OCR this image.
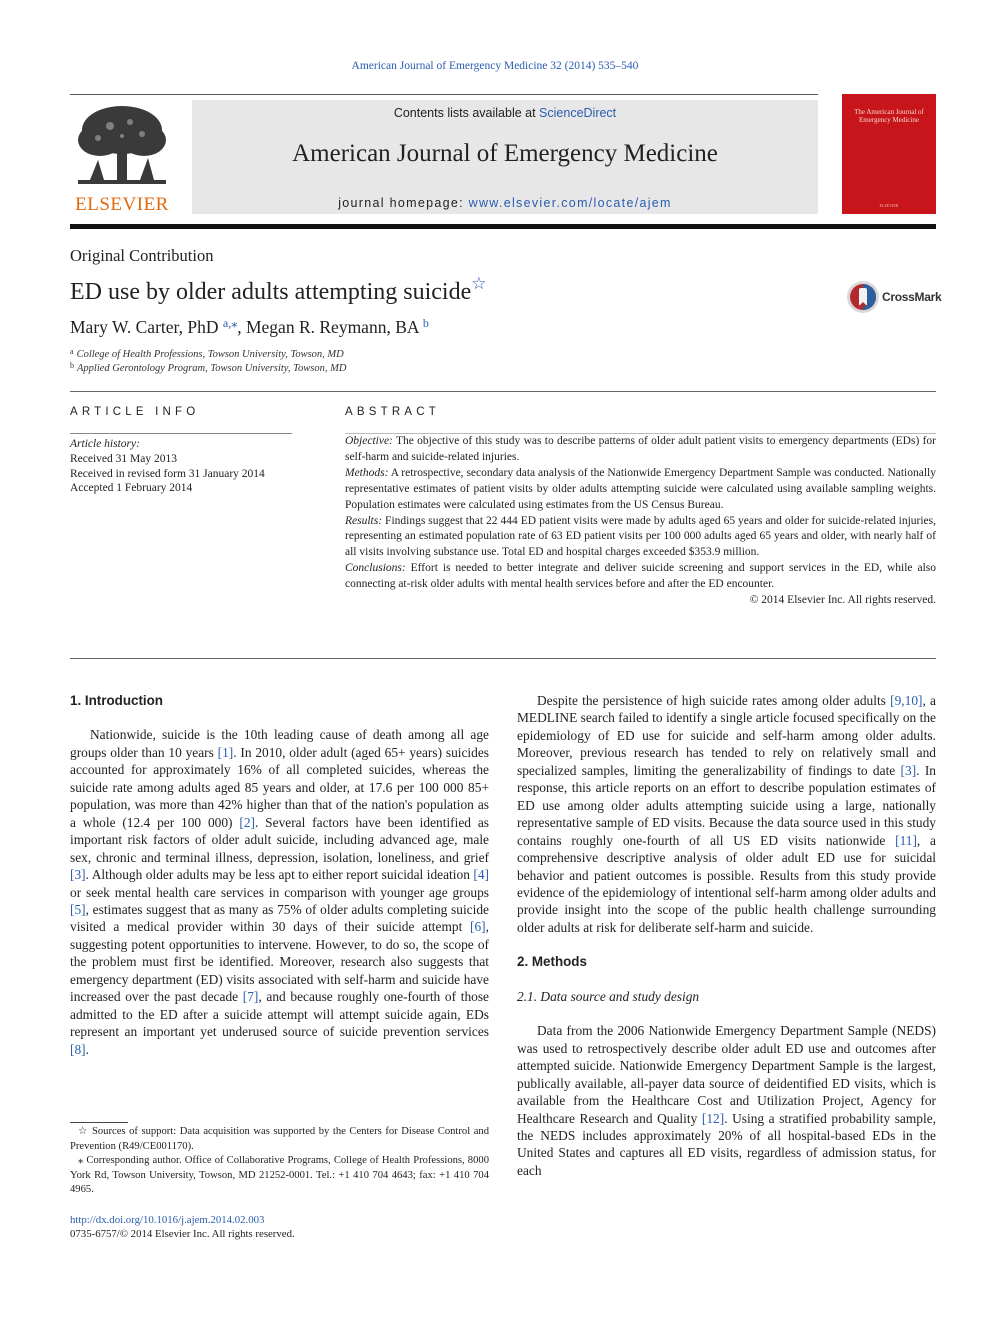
American Journal of Emergency Medicine 32 (2014) 535–540
ELSEVIER
Contents lists available at ScienceDirect
American Journal of Emergency Medicine
journal homepage: www.elsevier.com/locate/ajem
The American Journal of Emergency Medicine
ELSEVIER
Original Contribution
ED use by older adults attempting suicide☆
CrossMark
Mary W. Carter, PhD $^{a,⁎}$, Megan R. Reymann, BA $^b$
$^a$ College of Health Professions, Towson University, Towson, MD
$^b$ Applied Gerontology Program, Towson University, Towson, MD
ARTICLE INFO
Article history:
Received 31 May 2013
Received in revised form 31 January 2014
Accepted 1 February 2014
ABSTRACT
Objective: The objective of this study was to describe patterns of older adult patient visits to emergency departments (EDs) for self-harm and suicide-related injuries.
Methods: A retrospective, secondary data analysis of the Nationwide Emergency Department Sample was conducted. Nationally representative estimates of patient visits by older adults attempting suicide were calculated using available sampling weights. Population estimates were calculated using estimates from the US Census Bureau.
Results: Findings suggest that 22 444 ED patient visits were made by adults aged 65 years and older for suicide-related injuries, representing an estimated population rate of 63 ED patient visits per 100 000 adults aged 65 years and older, with nearly half of all visits involving substance use. Total ED and hospital charges exceeded $353.9 million.
Conclusions: Effort is needed to better integrate and deliver suicide screening and support services in the ED, while also connecting at-risk older adults with mental health services before and after the ED encounter.
© 2014 Elsevier Inc. All rights reserved.
1. Introduction

Nationwide, suicide is the 10th leading cause of death among all age groups older than 10 years [1]. In 2010, older adult (aged 65+ years) suicides accounted for approximately 16% of all completed suicides, whereas the suicide rate among adults aged 85 years and older, at 17.6 per 100 000 85+ population, was more than 42% higher than that of the nation's population as a whole (12.4 per 100 000) [2]. Several factors have been identified as important risk factors of older adult suicide, including advanced age, male sex, chronic and terminal illness, depression, isolation, loneliness, and grief [3]. Although older adults may be less apt to either report suicidal ideation [4] or seek mental health care services in comparison with younger age groups [5], estimates suggest that as many as 75% of older adults completing suicide visited a medical provider within 30 days of their suicide attempt [6], suggesting potent opportunities to intervene. However, to do so, the scope of the problem must first be identified. Moreover, research also suggests that emergency department (ED) visits associated with self-harm and suicide have increased over the past decade [7], and because roughly one-fourth of those admitted to the ED after a suicide attempt will attempt suicide again, EDs represent an important yet underused source of suicide prevention services [8].

☆ Sources of support: Data acquisition was supported by the Centers for Disease Control and Prevention (R49/CE001170).

⁎ Corresponding author. Office of Collaborative Programs, College of Health Professions, 8000 York Rd, Towson University, Towson, MD 21252-0001. Tel.: +1 410 704 4643; fax: +1 410 704 4965.

http://dx.doi.org/10.1016/j.ajem.2014.02.003
0735-6757/© 2014 Elsevier Inc. All rights reserved.

Despite the persistence of high suicide rates among older adults [9,10], a MEDLINE search failed to identify a single article focused specifically on the epidemiology of ED use for suicide and self-harm among older adults. Moreover, previous research has tended to rely on relatively small and specialized samples, limiting the generalizability of findings to date [3]. In response, this article reports on an effort to describe population estimates of ED use among older adults attempting suicide using a large, nationally representative sample of ED visits. Because the data source used in this study contains roughly one-fourth of all US ED visits nationwide [11], a comprehensive descriptive analysis of older adult ED use for suicidal behavior and patient outcomes is possible. Results from this study provide evidence of the epidemiology of intentional self-harm among older adults and provide insight into the scope of the public health challenge surrounding older adults at risk for deliberate self-harm and suicide.

2. Methods
2.1. Data source and study design

Data from the 2006 Nationwide Emergency Department Sample (NEDS) was used to retrospectively describe older adult ED use and outcomes after attempted suicide. Nationwide Emergency Department Sample is the largest, publically available, all-payer data source of deidentified ED visits, which is available from the Healthcare Cost and Utilization Project, Agency for Healthcare Research and Quality [12]. Using a stratified probability sample, the NEDS includes approximately 20% of all hospital-based EDs in the United States and captures all ED visits, regardless of admission status, for each
